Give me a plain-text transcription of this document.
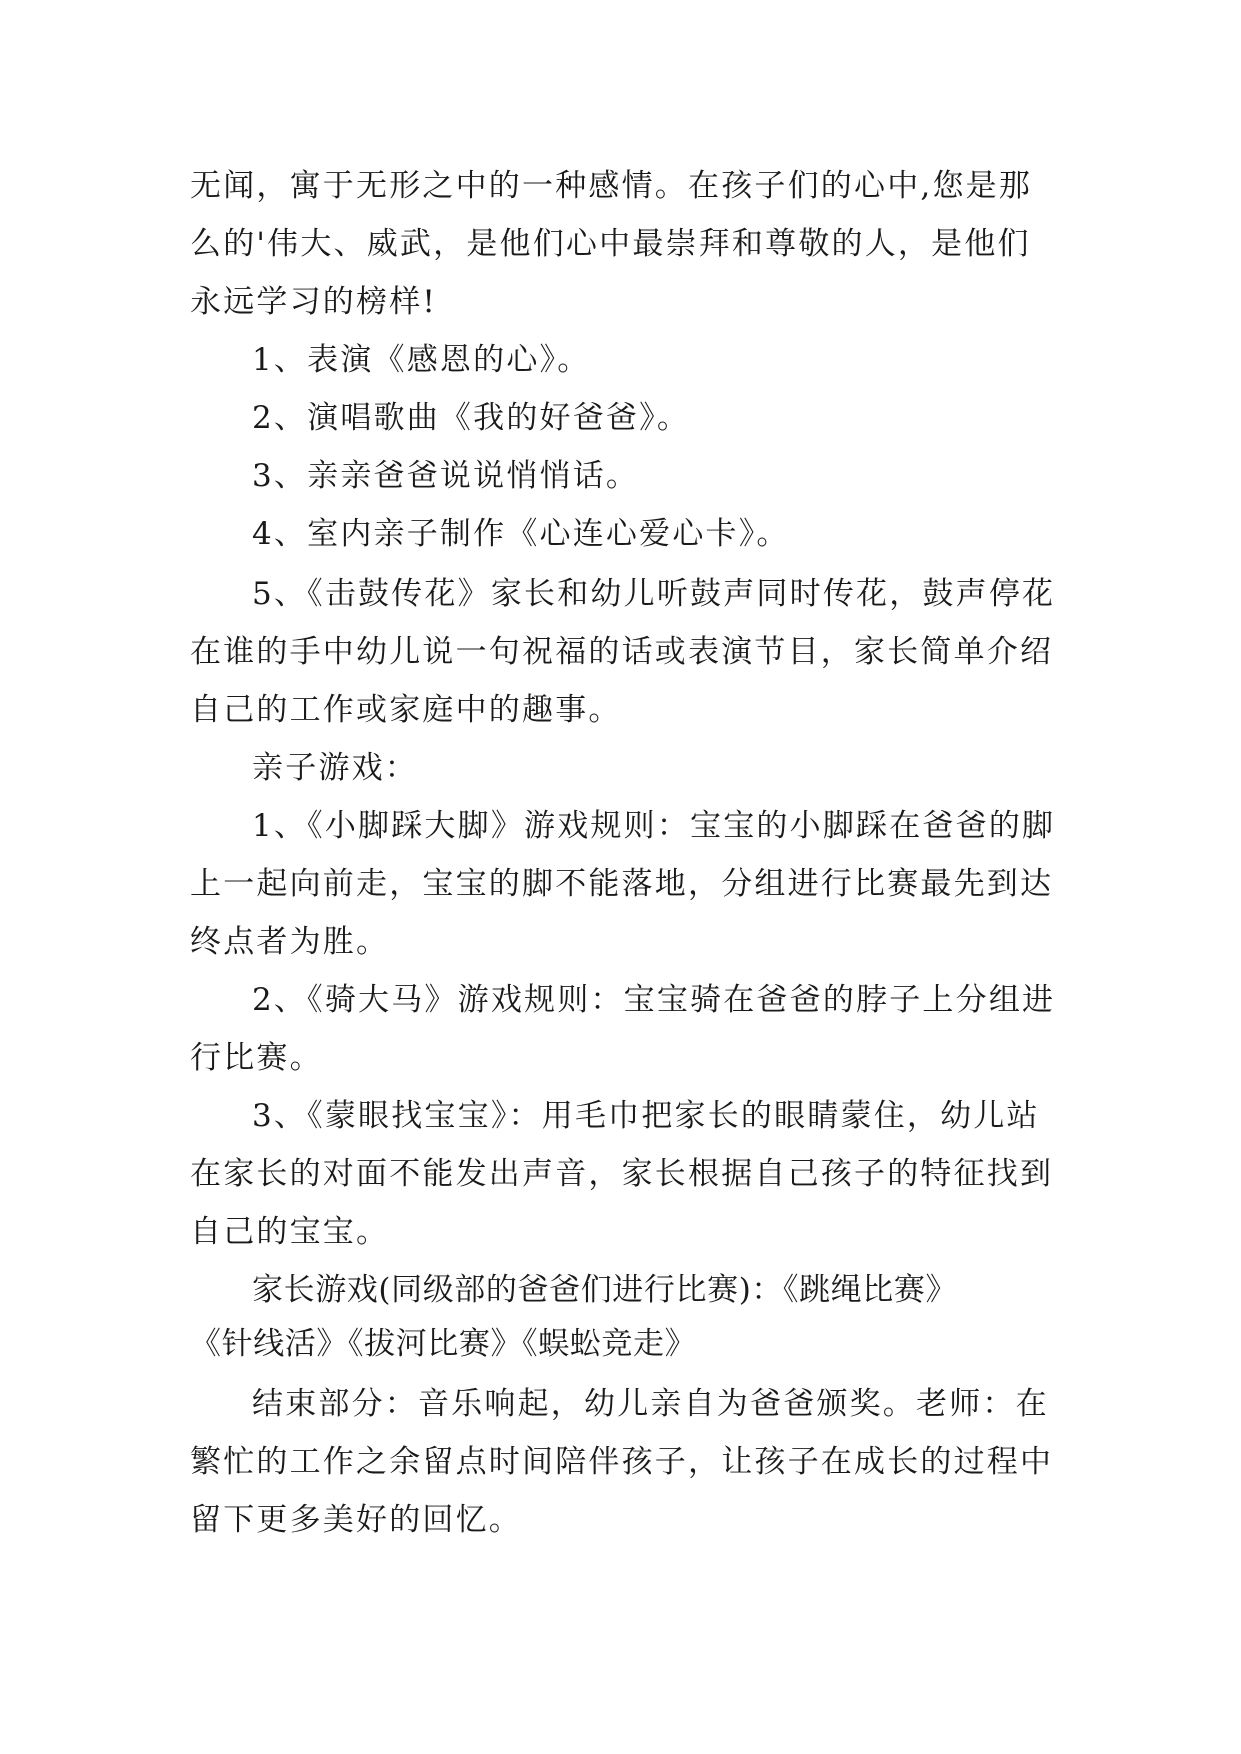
无闻，寓于无形之中的一种感情。在孩子们的心中,您是那
么的'伟大、威武，是他们心中最崇拜和尊敬的人，是他们
永远学习的榜样!
1、表演《感恩的心》。
2、演唱歌曲《我的好爸爸》。
3、亲亲爸爸说说悄悄话。
4、室内亲子制作《心连心爱心卡》。
5、《击鼓传花》家长和幼儿听鼓声同时传花，鼓声停花
在谁的手中幼儿说一句祝福的话或表演节目，家长简单介绍
自己的工作或家庭中的趣事。
亲子游戏：
1、《小脚踩大脚》游戏规则：宝宝的小脚踩在爸爸的脚
上一起向前走，宝宝的脚不能落地，分组进行比赛最先到达
终点者为胜。
2、《骑大马》游戏规则：宝宝骑在爸爸的脖子上分组进
行比赛。
3、《蒙眼找宝宝》：用毛巾把家长的眼睛蒙住，幼儿站
在家长的对面不能发出声音，家长根据自己孩子的特征找到
自己的宝宝。
家长游戏(同级部的爸爸们进行比赛)：《跳绳比赛》
《针线活》《拔河比赛》《蜈蚣竞走》
结束部分：音乐响起，幼儿亲自为爸爸颁奖。老师：在
繁忙的工作之余留点时间陪伴孩子，让孩子在成长的过程中
留下更多美好的回忆。
